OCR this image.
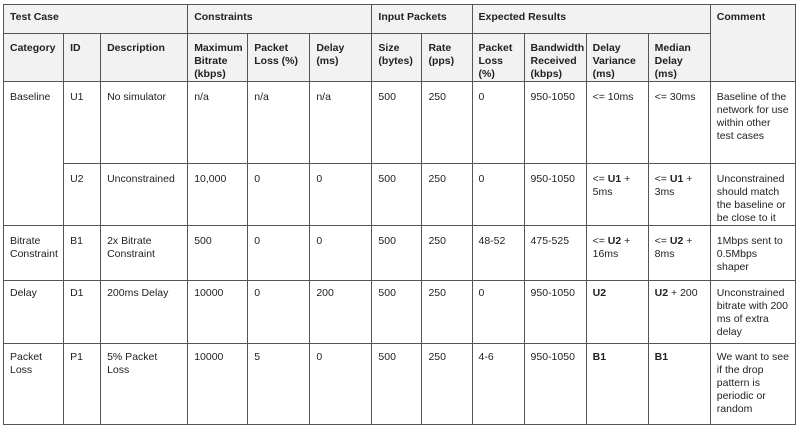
Test Case			Constraints			Input Packets		Expected Results				Comment
Category	ID	Description	Maximum Bitrate (kbps)	Packet Loss (%)	Delay (ms)	Size (bytes)	Rate (pps)	Packet Loss (%)	Bandwidth Received (kbps)	Delay Variance (ms)	Median Delay (ms)	
Baseline	U1	No simulator	n/a	n/a	n/a	500	250	0	950-1050	<= 10ms	<= 30ms	Baseline of the network for use within other test cases
	U2	Unconstrained	10,000	0	0	500	250	0	950-1050	<= U1 + 5ms	<= U1 + 3ms	Unconstrained should match the baseline or be close to it
Bitrate Constraint	B1	2x Bitrate Constraint	500	0	0	500	250	48-52	475-525	<= U2 + 16ms	<= U2 + 8ms	1Mbps sent to 0.5Mbps shaper
Delay	D1	200ms Delay	10000	0	200	500	250	0	950-1050	U2	U2 + 200	Unconstrained bitrate with 200 ms of extra delay
Packet Loss	P1	5% Packet Loss	10000	5	0	500	250	4-6	950-1050	B1	B1	We want to see if the drop pattern is periodic or random
